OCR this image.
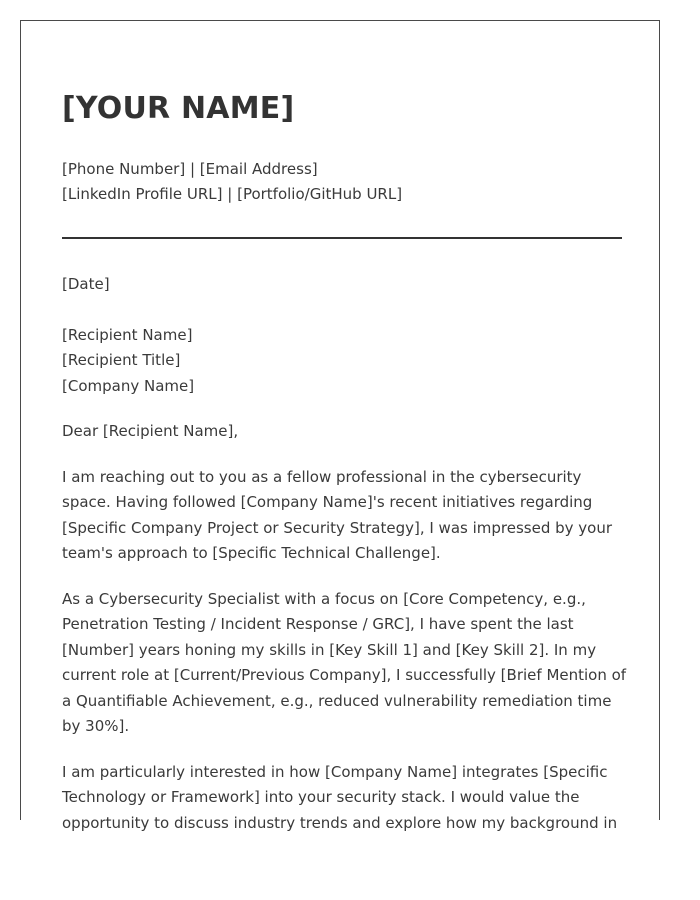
[YOUR NAME]
[Phone Number] | [Email Address]
[LinkedIn Profile URL] | [Portfolio/GitHub URL]
[Date]
[Recipient Name]
[Recipient Title]
[Company Name]
Dear [Recipient Name],

I am reaching out to you as a fellow professional in the cybersecurity space. Having followed [Company Name]'s recent initiatives regarding [Specific Company Project or Security Strategy], I was impressed by your team's approach to [Specific Technical Challenge].

As a Cybersecurity Specialist with a focus on [Core Competency, e.g., Penetration Testing / Incident Response / GRC], I have spent the last [Number] years honing my skills in [Key Skill 1] and [Key Skill 2]. In my current role at [Current/Previous Company], I successfully [Brief Mention of a Quantifiable Achievement, e.g., reduced vulnerability remediation time by 30%].

I am particularly interested in how [Company Name] integrates [Specific Technology or Framework] into your security stack. I would value the opportunity to discuss industry trends and explore how my background in
